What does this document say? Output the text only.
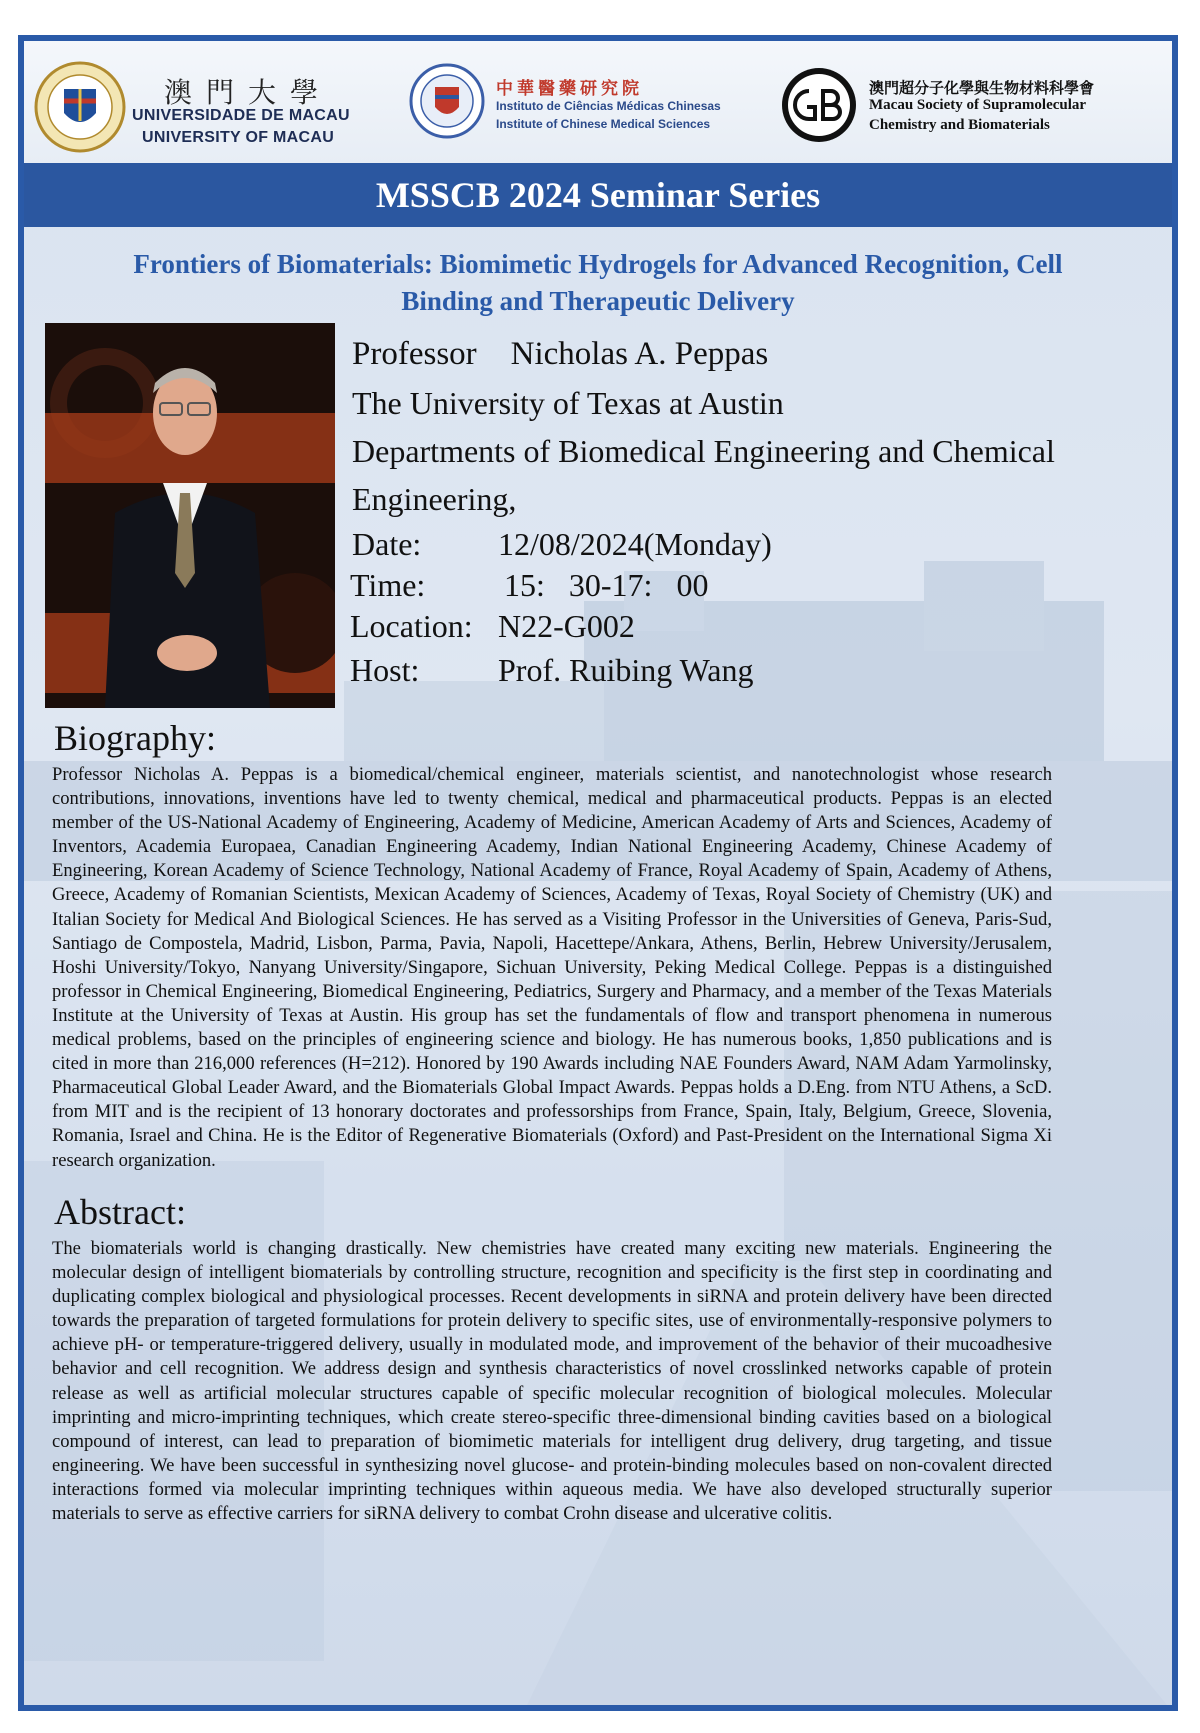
澳門大學
UNIVERSIDADE DE MACAU
UNIVERSITY OF MACAU
中華醫藥研究院
Instituto de Ciências Médicas Chinesas
Institute of Chinese Medical Sciences
澳門超分子化學與生物材料科學會
Macau Society of Supramolecular
Chemistry and Biomaterials
MSSCB 2024 Seminar Series
Frontiers of Biomaterials: Biomimetic Hydrogels for Advanced Recognition, Cell
Binding and Therapeutic Delivery
Professor Nicholas A. Peppas
The University of Texas at Austin
Departments of Biomedical Engineering and Chemical
Engineering,
Date: 12/08/2024(Monday)
Time: 15:   30-17:   00
Location: N22-G002
Host: Prof. Ruibing Wang
Biography:
Professor Nicholas A. Peppas is a biomedical/chemical engineer, materials scientist, and nanotechnologist whose research contributions, innovations, inventions have led to twenty chemical, medical and pharmaceutical products. Peppas is an elected member of the US-National Academy of Engineering, Academy of Medicine, American Academy of Arts and Sciences, Academy of Inventors, Academia Europaea, Canadian Engineering Academy, Indian National Engineering Academy, Chinese Academy of Engineering, Korean Academy of Science Technology, National Academy of France, Royal Academy of Spain, Academy of Athens, Greece, Academy of Romanian Scientists, Mexican Academy of Sciences, Academy of Texas, Royal Society of Chemistry (UK) and Italian Society for Medical And Biological Sciences. He has served as a Visiting Professor in the Universities of Geneva, Paris-Sud, Santiago de Compostela, Madrid, Lisbon, Parma, Pavia, Napoli, Hacettepe/Ankara, Athens, Berlin, Hebrew University/Jerusalem, Hoshi University/Tokyo, Nanyang University/Singapore, Sichuan University, Peking Medical College. Peppas is a distinguished professor in Chemical Engineering, Biomedical Engineering, Pediatrics, Surgery and Pharmacy, and a member of the Texas Materials Institute at the University of Texas at Austin. His group has set the fundamentals of flow and transport phenomena in numerous medical problems, based on the principles of engineering science and biology. He has numerous books, 1,850 publications and is cited in more than 216,000 references (H=212). Honored by 190 Awards including NAE Founders Award, NAM Adam Yarmolinsky, Pharmaceutical Global Leader Award, and the Biomaterials Global Impact Awards. Peppas holds a D.Eng. from NTU Athens, a ScD. from MIT and is the recipient of 13 honorary doctorates and professorships from France, Spain, Italy, Belgium, Greece, Slovenia, Romania, Israel and China. He is the Editor of Regenerative Biomaterials (Oxford) and Past-President on the International Sigma Xi research organization.
Abstract:
The biomaterials world is changing drastically. New chemistries have created many exciting new materials. Engineering the molecular design of intelligent biomaterials by controlling structure, recognition and specificity is the first step in coordinating and duplicating complex biological and physiological processes. Recent developments in siRNA and protein delivery have been directed towards the preparation of targeted formulations for protein delivery to specific sites, use of environmentally-responsive polymers to achieve pH- or temperature-triggered delivery, usually in modulated mode, and improvement of the behavior of their mucoadhesive behavior and cell recognition. We address design and synthesis characteristics of novel crosslinked networks capable of protein release as well as artificial molecular structures capable of specific molecular recognition of biological molecules. Molecular imprinting and micro-imprinting techniques, which create stereo-specific three-dimensional binding cavities based on a biological compound of interest, can lead to preparation of biomimetic materials for intelligent drug delivery, drug targeting, and tissue engineering. We have been successful in synthesizing novel glucose- and protein-binding molecules based on non-covalent directed interactions formed via molecular imprinting techniques within aqueous media. We have also developed structurally superior materials to serve as effective carriers for siRNA delivery to combat Crohn disease and ulcerative colitis.
